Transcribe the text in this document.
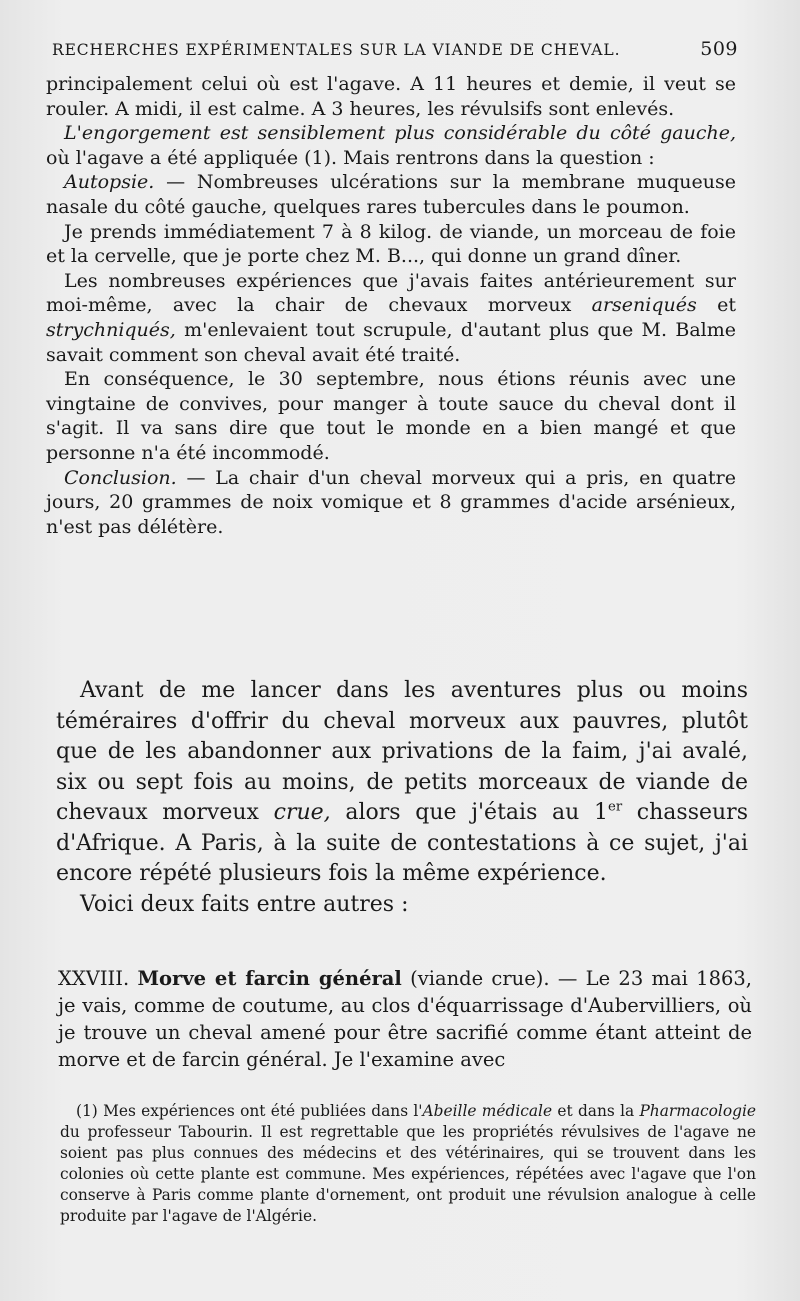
RECHERCHES EXPÉRIMENTALES SUR LA VIANDE DE CHEVAL.	509

principalement celui où est l'agave. A 11 heures et demie, il veut se rouler. A midi, il est calme. A 3 heures, les révulsifs sont enlevés.

L'engorgement est sensiblement plus considérable du côté gauche, où l'agave a été appliquée (1). Mais rentrons dans la question :

Autopsie. — Nombreuses ulcérations sur la membrane muqueuse nasale du côté gauche, quelques rares tubercules dans le poumon.

Je prends immédiatement 7 à 8 kilog. de viande, un morceau de foie et la cervelle, que je porte chez M. B..., qui donne un grand dîner.

Les nombreuses expériences que j'avais faites antérieurement sur moi-même, avec la chair de chevaux morveux arseniqués et strychniqués, m'enlevaient tout scrupule, d'autant plus que M. Balme savait comment son cheval avait été traité.

En conséquence, le 30 septembre, nous étions réunis avec une vingtaine de convives, pour manger à toute sauce du cheval dont il s'agit. Il va sans dire que tout le monde en a bien mangé et que personne n'a été incommodé.

Conclusion. — La chair d'un cheval morveux qui a pris, en quatre jours, 20 grammes de noix vomique et 8 grammes d'acide arsénieux, n'est pas délétère.

Avant de me lancer dans les aventures plus ou moins téméraires d'offrir du cheval morveux aux pauvres, plutôt que de les abandonner aux privations de la faim, j'ai avalé, six ou sept fois au moins, de petits morceaux de viande de chevaux morveux crue, alors que j'étais au 1er chasseurs d'Afrique. A Paris, à la suite de contestations à ce sujet, j'ai encore répété plusieurs fois la même expérience.

Voici deux faits entre autres :

XXVIII. Morve et farcin général (viande crue). — Le 23 mai 1863, je vais, comme de coutume, au clos d'équarrissage d'Aubervilliers, où je trouve un cheval amené pour être sacrifié comme étant atteint de morve et de farcin général. Je l'examine avec

(1) Mes expériences ont été publiées dans l'Abeille médicale et dans la Pharmacologie du professeur Tabourin. Il est regrettable que les propriétés révulsives de l'agave ne soient pas plus connues des médecins et des vétérinaires, qui se trouvent dans les colonies où cette plante est commune. Mes expériences, répétées avec l'agave que l'on conserve à Paris comme plante d'ornement, ont produit une révulsion analogue à celle produite par l'agave de l'Algérie.
